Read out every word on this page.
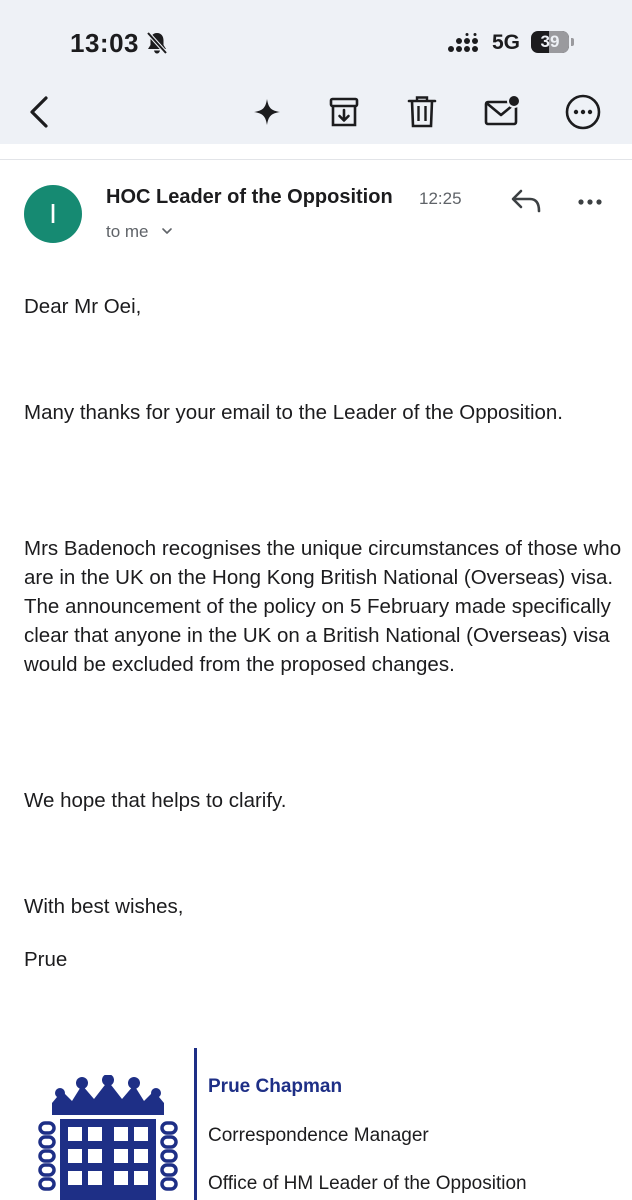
13:03	5G	39
I
HOC Leader of the Opposition 12:25
to me

Dear Mr Oei,

Many thanks for your email to the Leader of the Opposition.

Mrs Badenoch recognises the unique circumstances of those who are in the UK on the Hong Kong British National (Overseas) visa. The announcement of the policy on 5 February made specifically clear that anyone in the UK on a British National (Overseas) visa would be excluded from the proposed changes.

We hope that helps to clarify.

With best wishes,

Prue

Prue Chapman
Correspondence Manager
Office of HM Leader of the Opposition
